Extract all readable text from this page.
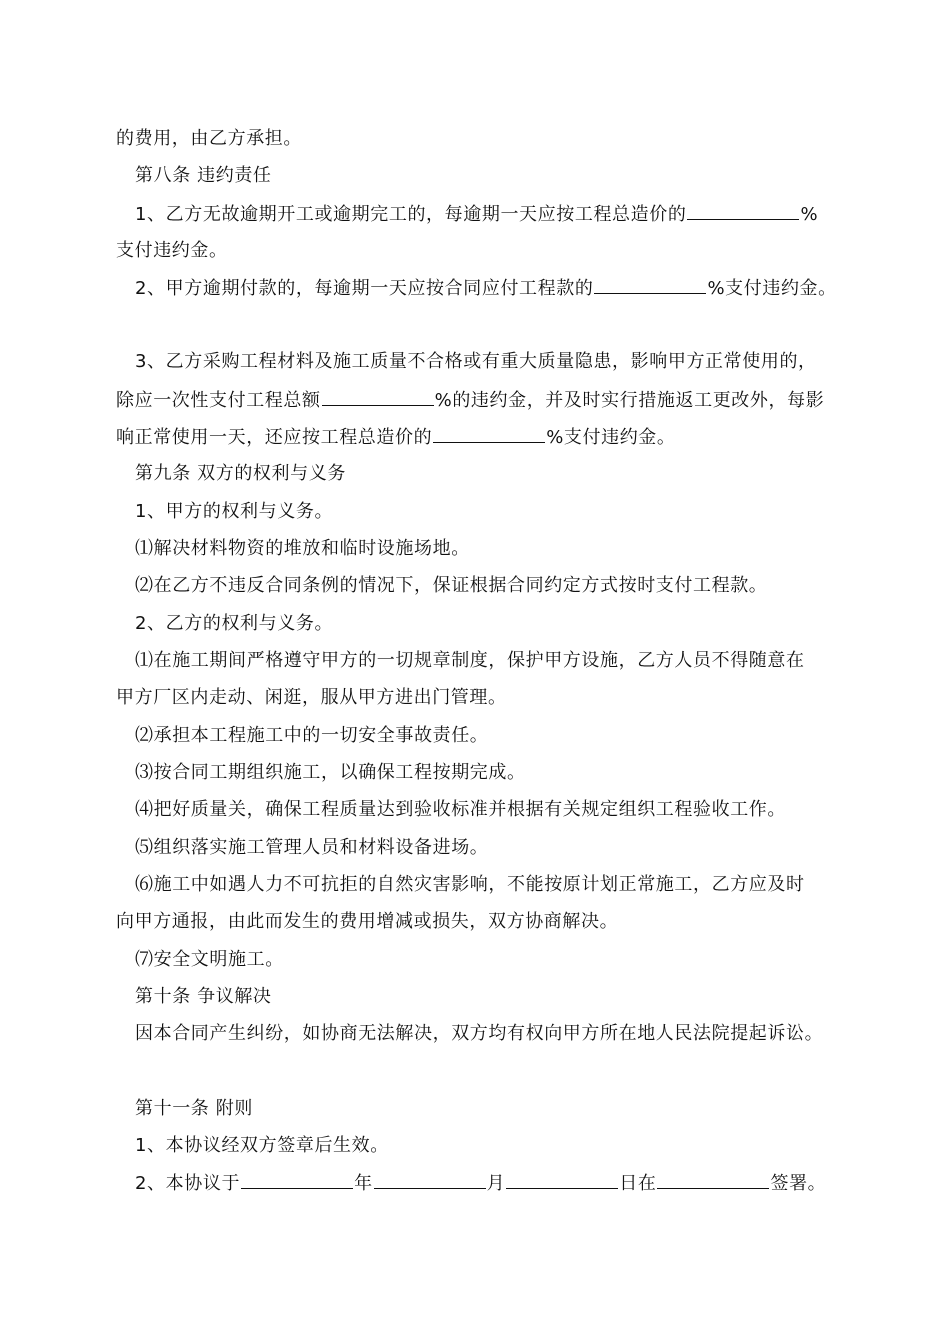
的费用，由乙方承担。
第八条 违约责任
1、乙方无故逾期开工或逾期完工的，每逾期一天应按工程总造价的	%
支付违约金。
2、甲方逾期付款的，每逾期一天应按合同应付工程款的	%支付违约金。
3、乙方采购工程材料及施工质量不合格或有重大质量隐患，影响甲方正常使用的，
除应一次性支付工程总额	%的违约金，并及时实行措施返工更改外，每影
响正常使用一天，还应按工程总造价的	%支付违约金。
第九条 双方的权利与义务
1、甲方的权利与义务。
⑴解决材料物资的堆放和临时设施场地。
⑵在乙方不违反合同条例的情况下，保证根据合同约定方式按时支付工程款。
2、乙方的权利与义务。
⑴在施工期间严格遵守甲方的一切规章制度，保护甲方设施，乙方人员不得随意在
甲方厂区内走动、闲逛，服从甲方进出门管理。
⑵承担本工程施工中的一切安全事故责任。
⑶按合同工期组织施工，以确保工程按期完成。
⑷把好质量关，确保工程质量达到验收标准并根据有关规定组织工程验收工作。
⑸组织落实施工管理人员和材料设备进场。
⑹施工中如遇人力不可抗拒的自然灾害影响，不能按原计划正常施工，乙方应及时
向甲方通报，由此而发生的费用增减或损失，双方协商解决。
⑺安全文明施工。
第十条 争议解决
因本合同产生纠纷，如协商无法解决，双方均有权向甲方所在地人民法院提起诉讼。
第十一条 附则
1、本协议经双方签章后生效。
2、本协议于	年	月	日在	签署。
